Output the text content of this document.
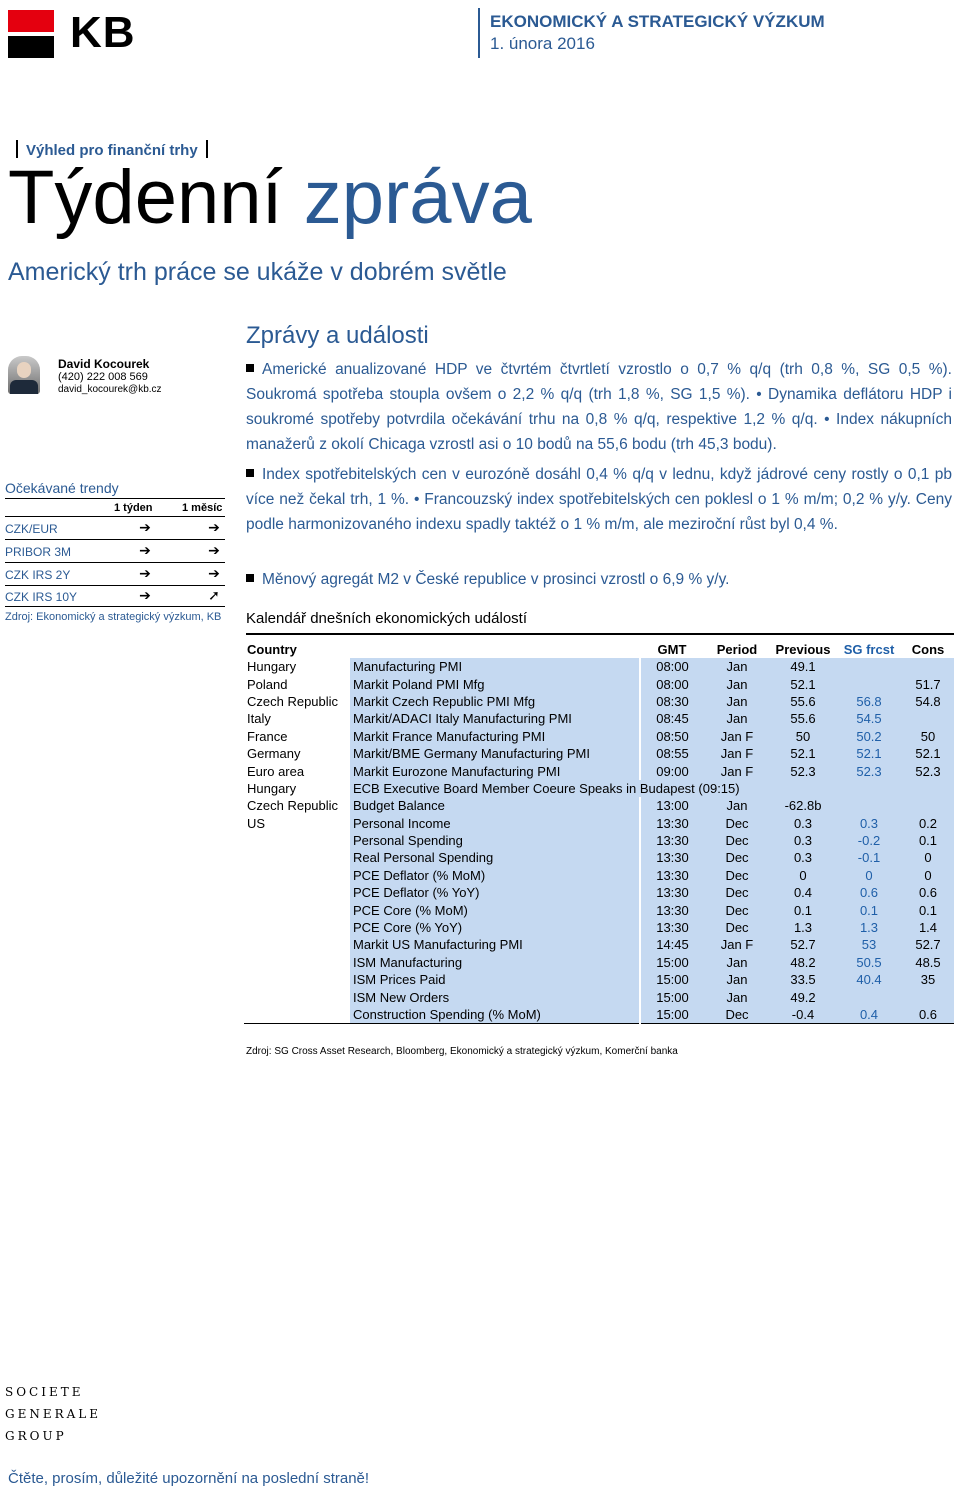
KB	EKONOMICKÝ A STRATEGICKÝ VÝZKUM
1. února 2016
Výhled pro finanční trhy
Týdenní zpráva
Americký trh práce se ukáže v dobrém světle
David Kocourek
(420) 222 008 569
david_kocourek@kb.cz
Očekávané trendy
1 týden	1 měsíc
CZK/EUR	➔	➔
PRIBOR 3M	➔	➔
CZK IRS 2Y	➔	➔
CZK IRS 10Y	➔	➚
Zdroj: Ekonomický a strategický výzkum, KB
Zprávy a události
Americké anualizované HDP ve čtvrtém čtvrtletí vzrostlo o 0,7 % q/q (trh 0,8 %, SG 0,5 %). Soukromá spotřeba stoupla ovšem o 2,2 % q/q (trh 1,8 %, SG 1,5 %). • Dynamika deflátoru HDP i soukromé spotřeby potvrdila očekávání trhu na 0,8 % q/q, respektive 1,2 % q/q. • Index nákupních manažerů z okolí Chicaga vzrostl asi o 10 bodů na 55,6 bodu (trh 45,3 bodu).
Index spotřebitelských cen v eurozóně dosáhl 0,4 % q/q v lednu, když jádrové ceny rostly o 0,1 pb více než čekal trh, 1 %. • Francouzský index spotřebitelských cen poklesl o 1 % m/m; 0,2 % y/y. Ceny podle harmonizovaného indexu spadly taktéž o 1 % m/m, ale meziroční růst byl 0,4 %.
Měnový agregát M2 v České republice v prosinci vzrostl o 6,9 % y/y.
Kalendář dnešních ekonomických událostí
Country		GMT	Period	Previous	SG frcst	Cons
Hungary	Manufacturing PMI	08:00	Jan	49.1		
Poland	Markit Poland PMI Mfg	08:00	Jan	52.1		51.7
Czech Republic	Markit Czech Republic PMI Mfg	08:30	Jan	55.6	56.8	54.8
Italy	Markit/ADACI Italy Manufacturing PMI	08:45	Jan	55.6	54.5	
France	Markit France Manufacturing PMI	08:50	Jan F	50	50.2	50
Germany	Markit/BME Germany Manufacturing PMI	08:55	Jan F	52.1	52.1	52.1
Euro area	Markit Eurozone Manufacturing PMI	09:00	Jan F	52.3	52.3	52.3
Hungary	ECB Executive Board Member Coeure Speaks in Budapest (09:15)					
Czech Republic	Budget Balance	13:00	Jan	-62.8b		
US	Personal Income	13:30	Dec	0.3	0.3	0.2
	Personal Spending	13:30	Dec	0.3	-0.2	0.1
	Real Personal Spending	13:30	Dec	0.3	-0.1	0
	PCE Deflator (% MoM)	13:30	Dec	0	0	0
	PCE Deflator (% YoY)	13:30	Dec	0.4	0.6	0.6
	PCE Core (% MoM)	13:30	Dec	0.1	0.1	0.1
	PCE Core (% YoY)	13:30	Dec	1.3	1.3	1.4
	Markit US Manufacturing PMI	14:45	Jan F	52.7	53	52.7
	ISM Manufacturing	15:00	Jan	48.2	50.5	48.5
	ISM Prices Paid	15:00	Jan	33.5	40.4	35
	ISM New Orders	15:00	Jan	49.2		
	Construction Spending (% MoM)	15:00	Dec	-0.4	0.4	0.6
Zdroj: SG Cross Asset Research, Bloomberg, Ekonomický a strategický výzkum, Komerční banka
SOCIETE
GENERALE
GROUP
Čtěte, prosím, důležité upozornění na poslední straně!
